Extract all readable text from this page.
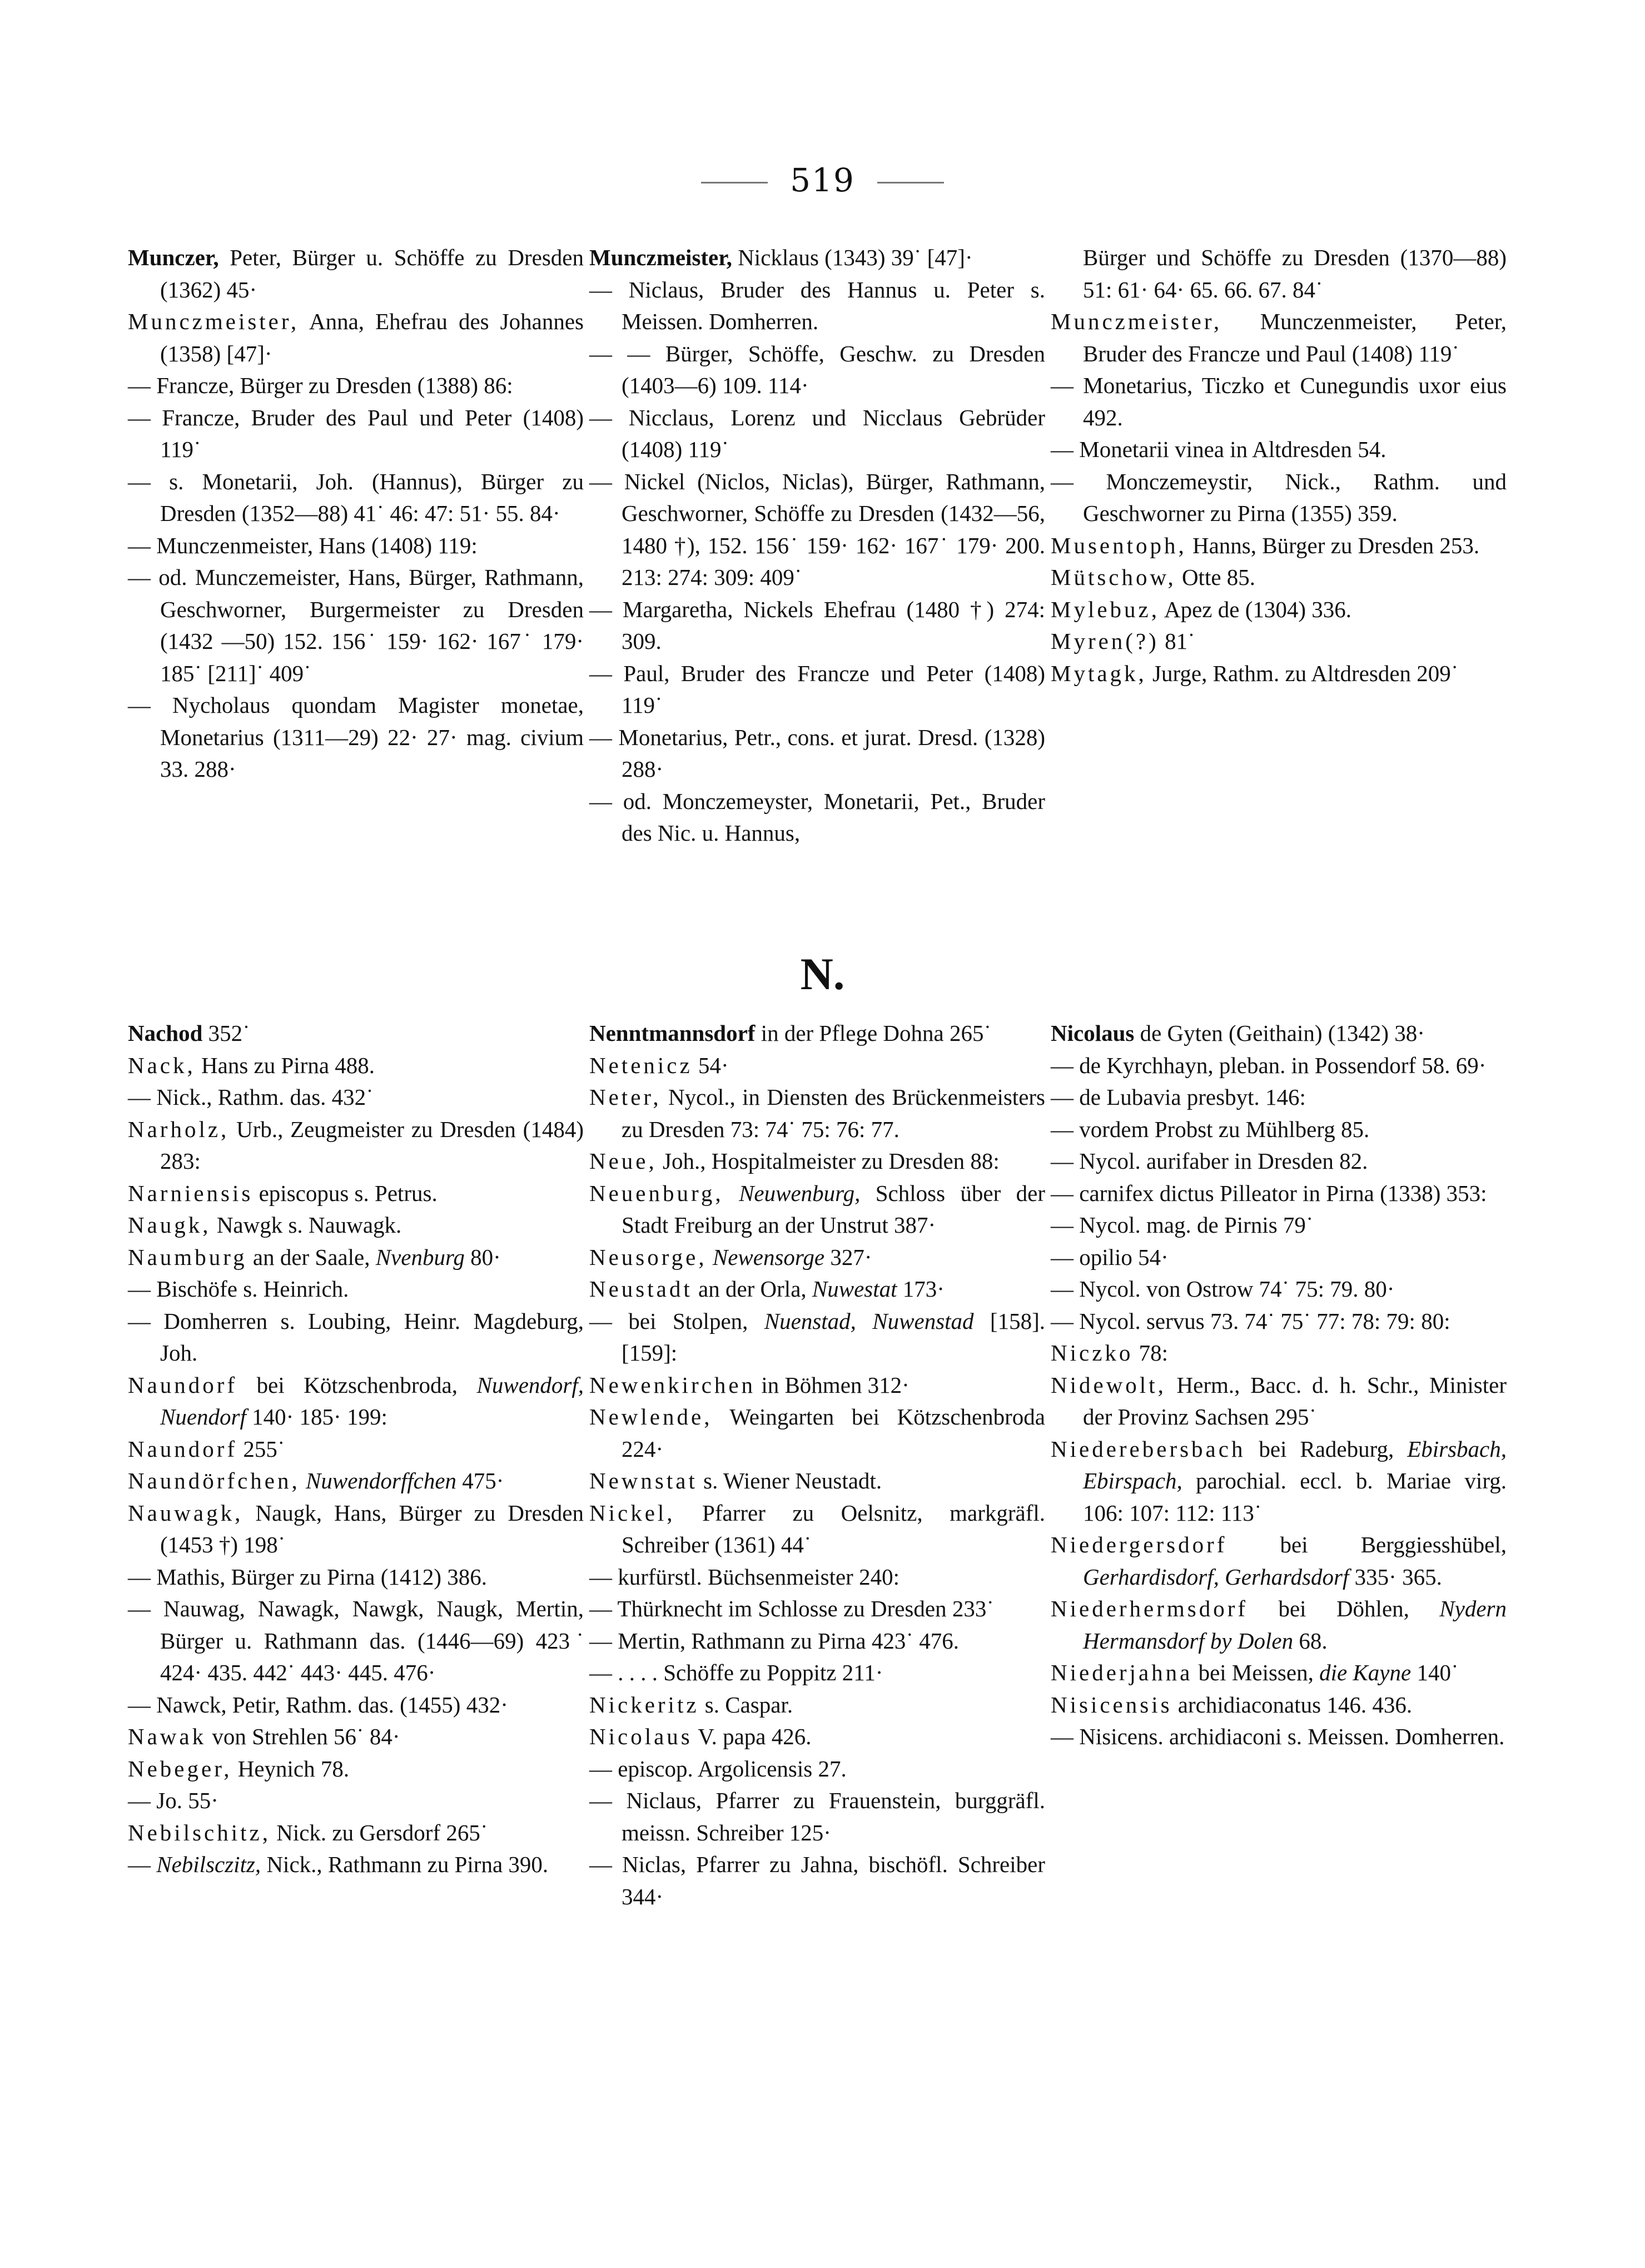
519

Munczer, Peter, Bürger u. Schöffe zu Dresden (1362) 45·

Munczmeister, Anna, Ehefrau des Johannes (1358) [47]·

— Francze, Bürger zu Dresden (1388) 86:

— Francze, Bruder des Paul und Peter (1408) 119˙

— s. Monetarii, Joh. (Hannus), Bürger zu Dresden (1352—88) 41˙ 46: 47: 51· 55. 84·

— Munczenmeister, Hans (1408) 119:

— od. Munczemeister, Hans, Bürger, Rathmann, Geschworner, Burgermeister zu Dresden (1432 —50) 152. 156˙ 159· 162· 167˙ 179· 185˙ [211]˙ 409˙

— Nycholaus quondam Magister monetae, Monetarius (1311—29) 22· 27· mag. civium 33. 288·

Munczmeister, Nicklaus (1343) 39˙ [47]·

— Niclaus, Bruder des Hannus u. Peter s. Meissen. Domherren.

— — Bürger, Schöffe, Geschw. zu Dresden (1403—6) 109. 114·

— Nicclaus, Lorenz und Nicclaus Gebrüder (1408) 119˙

— Nickel (Niclos, Niclas), Bürger, Rathmann, Geschworner, Schöffe zu Dresden (1432—56, 1480 †), 152. 156˙ 159· 162· 167˙ 179· 200. 213: 274: 309: 409˙

— Margaretha, Nickels Ehefrau (1480 †) 274: 309.

— Paul, Bruder des Francze und Peter (1408) 119˙

— Monetarius, Petr., cons. et jurat. Dresd. (1328) 288·

— od. Monczemeyster, Monetarii, Pet., Bruder des Nic. u. Hannus,

Bürger und Schöffe zu Dresden (1370—88) 51: 61· 64· 65. 66. 67. 84˙

Munczmeister, Munczenmeister, Peter, Bruder des Francze und Paul (1408) 119˙

— Monetarius, Ticzko et Cunegundis uxor eius 492.

— Monetarii vinea in Altdresden 54.

— Monczemeystir, Nick., Rathm. und Geschworner zu Pirna (1355) 359.

Musentoph, Hanns, Bürger zu Dresden 253.

Mütschow, Otte 85.

Mylebuz, Apez de (1304) 336.

Myren(?) 81˙

Mytagk, Jurge, Rathm. zu Altdresden 209˙

N.

Nachod 352˙

Nack, Hans zu Pirna 488.

— Nick., Rathm. das. 432˙

Narholz, Urb., Zeugmeister zu Dresden (1484) 283:

Narniensis episcopus s. Petrus.

Naugk, Nawgk s. Nauwagk.

Naumburg an der Saale, Nvenburg 80·

— Bischöfe s. Heinrich.

— Domherren s. Loubing, Heinr. Magdeburg, Joh.

Naundorf bei Kötzschenbroda, Nuwendorf, Nuendorf 140· 185· 199:

Naundorf 255˙

Naundörfchen, Nuwendorffchen 475·

Nauwagk, Naugk, Hans, Bürger zu Dresden (1453 †) 198˙

— Mathis, Bürger zu Pirna (1412) 386.

— Nauwag, Nawagk, Nawgk, Naugk, Mertin, Bürger u. Rathmann das. (1446—69) 423˙ 424· 435. 442˙ 443· 445. 476·

— Nawck, Petir, Rathm. das. (1455) 432·

Nawak von Strehlen 56˙ 84·

Nebeger, Heynich 78.

— Jo. 55·

Nebilschitz, Nick. zu Gersdorf 265˙

— Nebilsczitz, Nick., Rathmann zu Pirna 390.

Nenntmannsdorf in der Pflege Dohna 265˙

Netenicz 54·

Neter, Nycol., in Diensten des Brückenmeisters zu Dresden 73: 74˙ 75: 76: 77.

Neue, Joh., Hospitalmeister zu Dresden 88:

Neuenburg, Neuwenburg, Schloss über der Stadt Freiburg an der Unstrut 387·

Neusorge, Newensorge 327·

Neustadt an der Orla, Nuwestat 173·

— bei Stolpen, Nuenstad, Nuwenstad [158]. [159]:

Newenkirchen in Böhmen 312·

Newlende, Weingarten bei Kötzschenbroda 224·

Newnstat s. Wiener Neustadt.

Nickel, Pfarrer zu Oelsnitz, markgräfl. Schreiber (1361) 44˙

— kurfürstl. Büchsenmeister 240:

— Thürknecht im Schlosse zu Dresden 233˙

— Mertin, Rathmann zu Pirna 423˙ 476.

— . . . . Schöffe zu Poppitz 211·

Nickeritz s. Caspar.

Nicolaus V. papa 426.

— episcop. Argolicensis 27.

— Niclaus, Pfarrer zu Frauenstein, burggräfl. meissn. Schreiber 125·

— Niclas, Pfarrer zu Jahna, bischöfl. Schreiber 344·

Nicolaus de Gyten (Geithain) (1342) 38·

— de Kyrchhayn, pleban. in Possendorf 58. 69·

— de Lubavia presbyt. 146:

— vordem Probst zu Mühlberg 85.

— Nycol. aurifaber in Dresden 82.

— carnifex dictus Pilleator in Pirna (1338) 353:

— Nycol. mag. de Pirnis 79˙

— opilio 54·

— Nycol. von Ostrow 74˙ 75: 79. 80·

— Nycol. servus 73. 74˙ 75˙ 77: 78: 79: 80:

Niczko 78:

Nidewolt, Herm., Bacc. d. h. Schr., Minister der Provinz Sachsen 295˙

Niederebersbach bei Radeburg, Ebirsbach, Ebirspach, parochial. eccl. b. Mariae virg. 106: 107: 112: 113˙

Niedergersdorf bei Berggiesshübel, Gerhardisdorf, Gerhardsdorf 335· 365.

Niederhermsdorf bei Döhlen, Nydern Hermansdorf by Dolen 68.

Niederjahna bei Meissen, die Kayne 140˙

Nisicensis archidiaconatus 146. 436.

— Nisicens. archidiaconi s. Meissen. Domherren.
